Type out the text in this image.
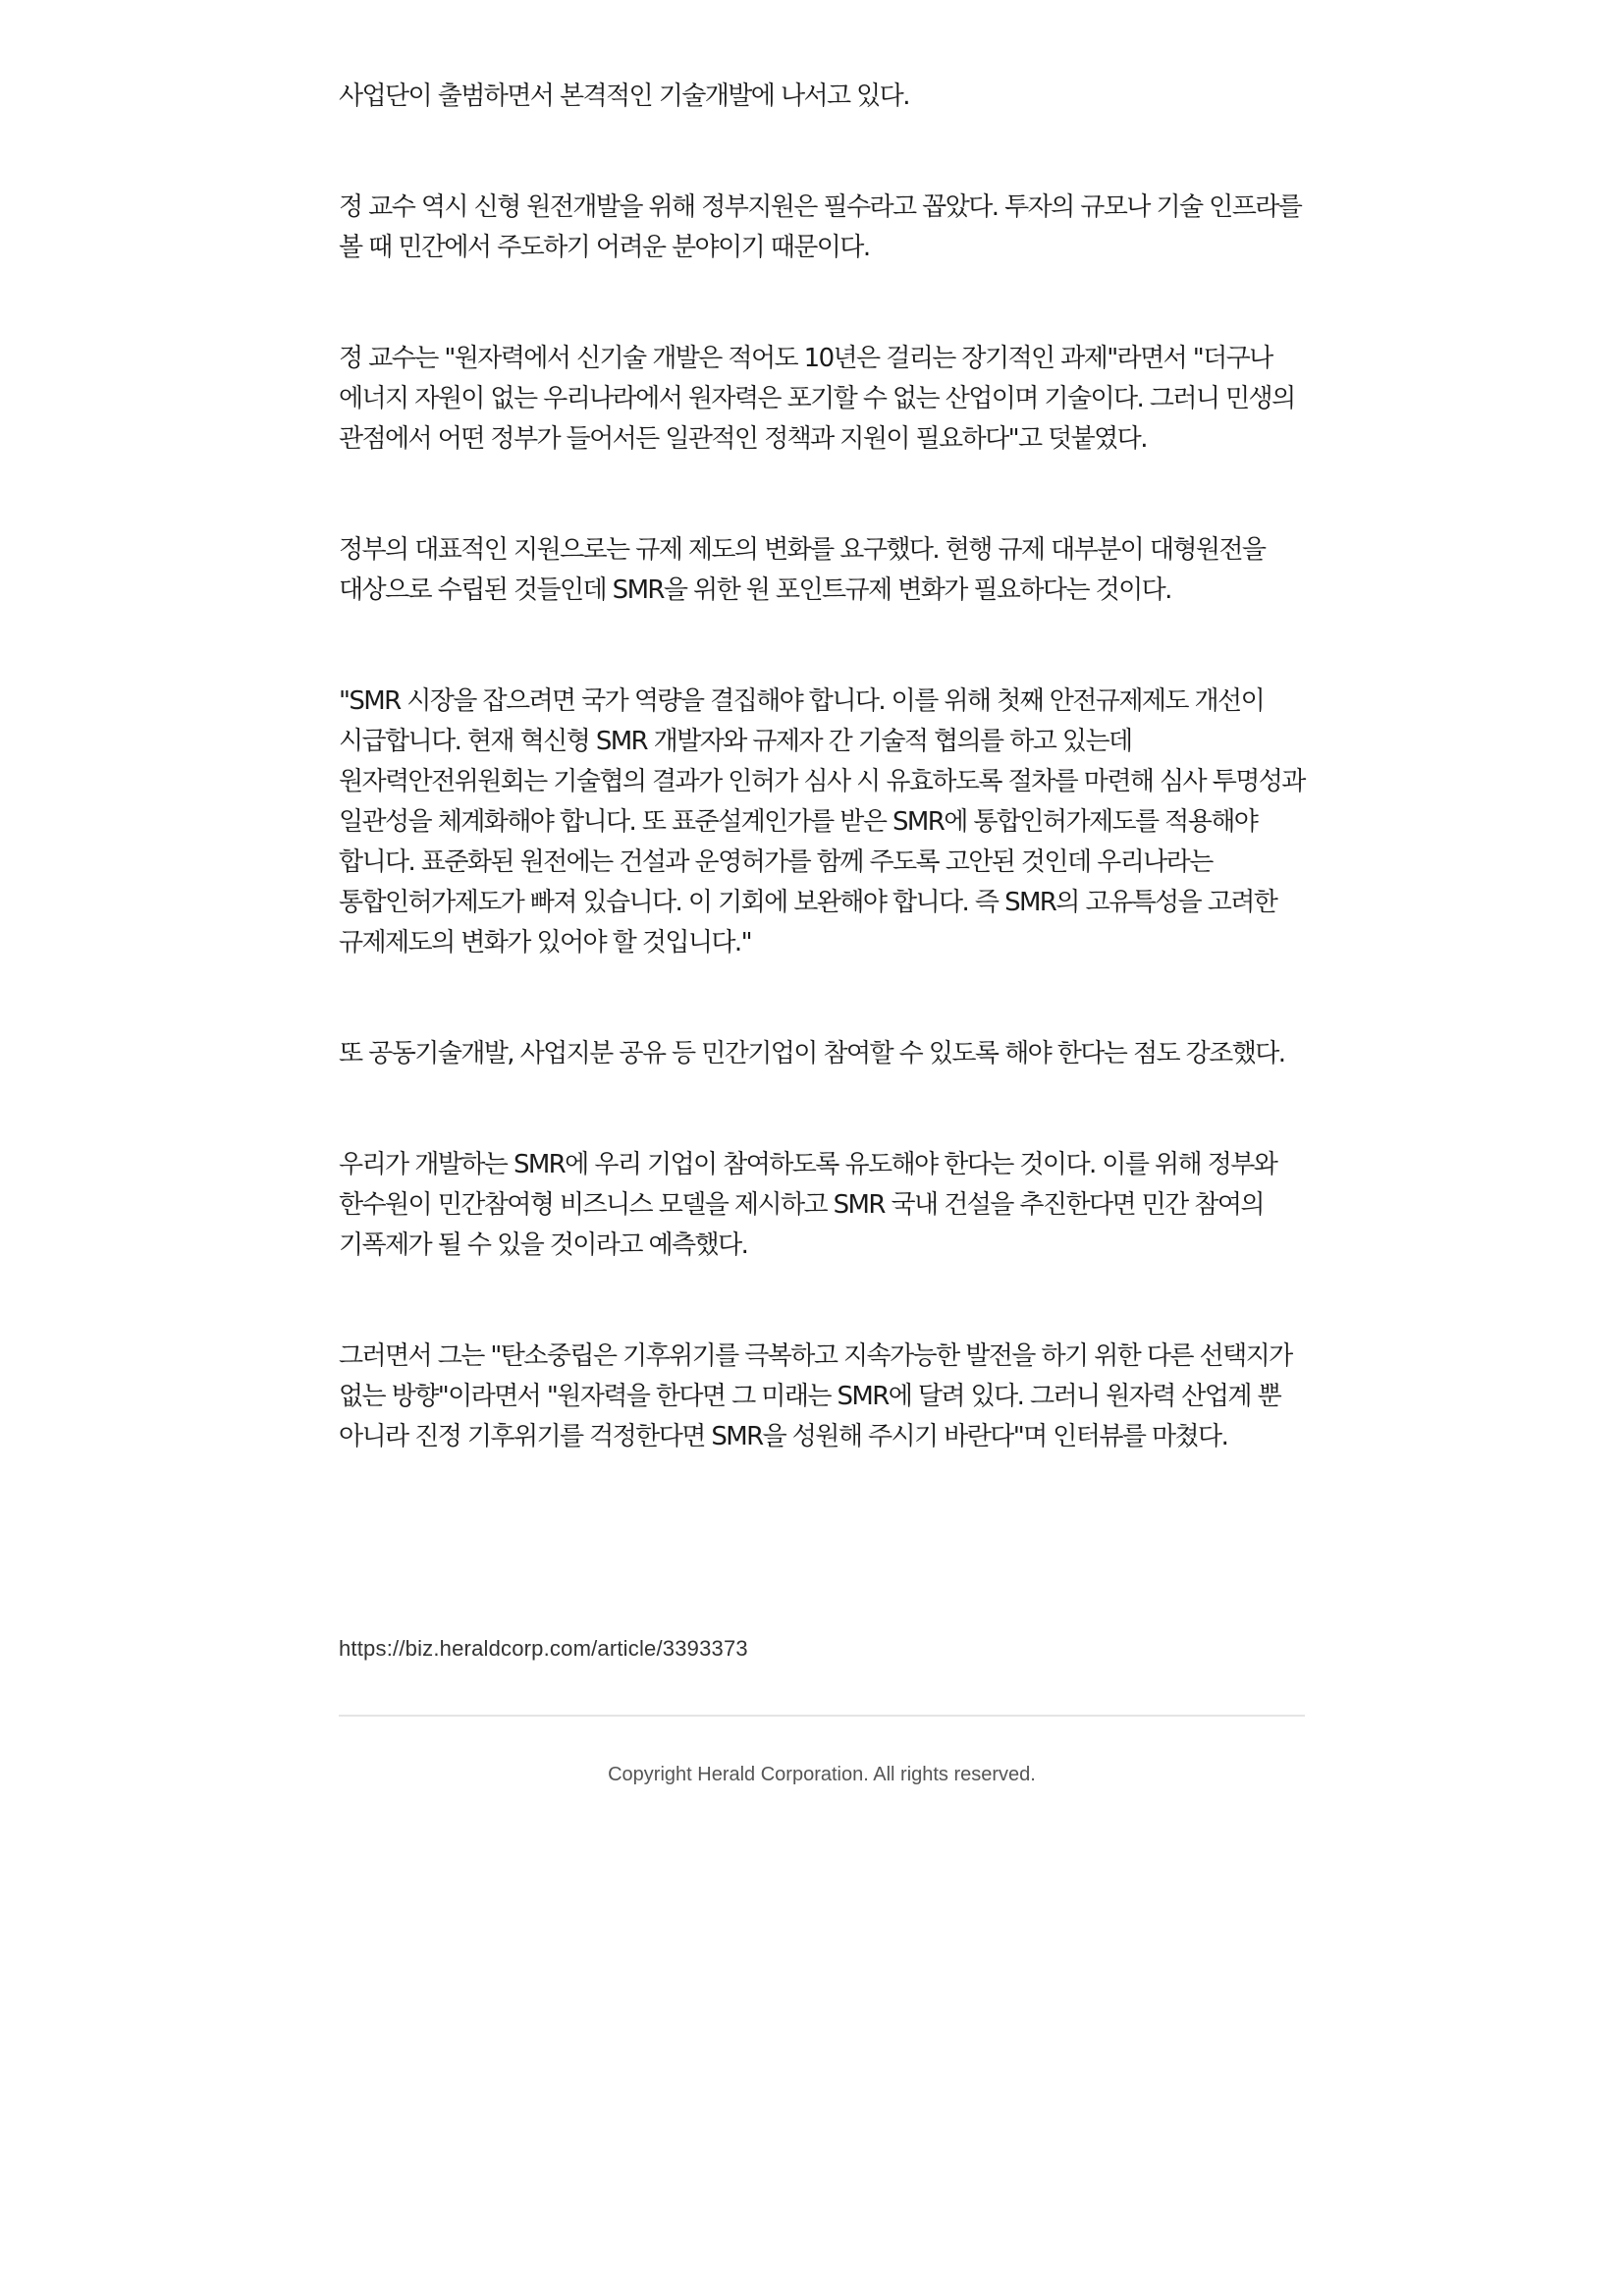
사업단이 출범하면서 본격적인 기술개발에 나서고 있다.

정 교수 역시 신형 원전개발을 위해 정부지원은 필수라고 꼽았다. 투자의 규모나 기술 인프라를 볼 때 민간에서 주도하기 어려운 분야이기 때문이다.

정 교수는 "원자력에서 신기술 개발은 적어도 10년은 걸리는 장기적인 과제"라면서 "더구나 에너지 자원이 없는 우리나라에서 원자력은 포기할 수 없는 산업이며 기술이다. 그러니 민생의 관점에서 어떤 정부가 들어서든 일관적인 정책과 지원이 필요하다"고 덧붙였다.

정부의 대표적인 지원으로는 규제 제도의 변화를 요구했다. 현행 규제 대부분이 대형원전을 대상으로 수립된 것들인데 SMR을 위한 원 포인트규제 변화가 필요하다는 것이다.

"SMR 시장을 잡으려면 국가 역량을 결집해야 합니다. 이를 위해 첫째 안전규제제도 개선이 시급합니다. 현재 혁신형 SMR 개발자와 규제자 간 기술적 협의를 하고 있는데 원자력안전위원회는 기술협의 결과가 인허가 심사 시 유효하도록 절차를 마련해 심사 투명성과 일관성을 체계화해야 합니다. 또 표준설계인가를 받은 SMR에 통합인허가제도를 적용해야 합니다. 표준화된 원전에는 건설과 운영허가를 함께 주도록 고안된 것인데 우리나라는 통합인허가제도가 빠져 있습니다. 이 기회에 보완해야 합니다. 즉 SMR의 고유특성을 고려한 규제제도의 변화가 있어야 할 것입니다."

또 공동기술개발, 사업지분 공유 등 민간기업이 참여할 수 있도록 해야 한다는 점도 강조했다.

우리가 개발하는 SMR에 우리 기업이 참여하도록 유도해야 한다는 것이다. 이를 위해 정부와 한수원이 민간참여형 비즈니스 모델을 제시하고 SMR 국내 건설을 추진한다면 민간 참여의 기폭제가 될 수 있을 것이라고 예측했다.

그러면서 그는 "탄소중립은 기후위기를 극복하고 지속가능한 발전을 하기 위한 다른 선택지가 없는 방향"이라면서 "원자력을 한다면 그 미래는 SMR에 달려 있다. 그러니 원자력 산업계 뿐 아니라 진정 기후위기를 걱정한다면 SMR을 성원해 주시기 바란다"며 인터뷰를 마쳤다.

https://biz.heraldcorp.com/article/3393373
Copyright Herald Corporation. All rights reserved.
